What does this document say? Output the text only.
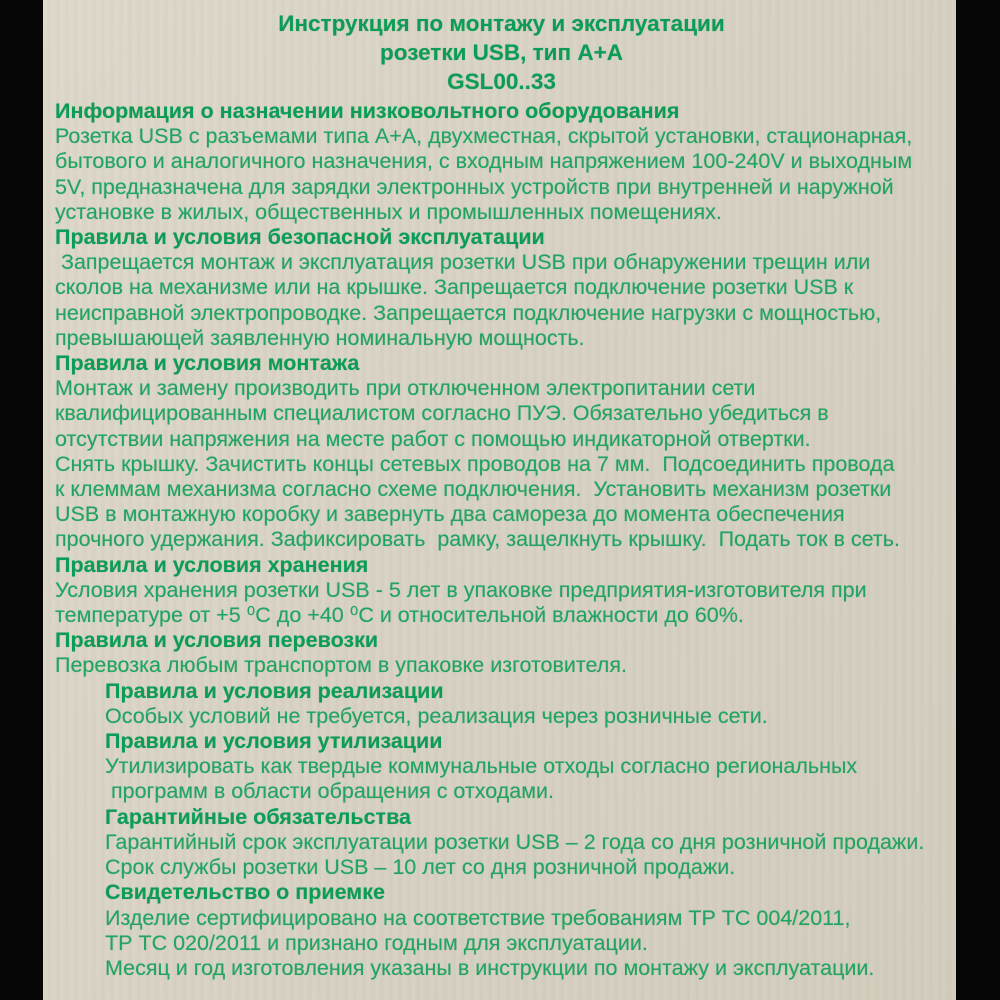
Инструкция по монтажу и эксплуатации
розетки USB, тип А+А
GSL00..33
Информация о назначении низковольтного оборудования
Розетка USB с разъемами типа А+А, двухместная, скрытой установки, стационарная,
бытового и аналогичного назначения, с входным напряжением 100-240V и выходным
5V, предназначена для зарядки электронных устройств при внутренней и наружной
установке в жилых, общественных и промышленных помещениях.
Правила и условия безопасной эксплуатации
Запрещается монтаж и эксплуатация розетки USB при обнаружении трещин или
сколов на механизме или на крышке. Запрещается подключение розетки USB к
неисправной электропроводке. Запрещается подключение нагрузки с мощностью,
превышающей заявленную номинальную мощность.
Правила и условия монтажа
Монтаж и замену производить при отключенном электропитании сети
квалифицированным специалистом согласно ПУЭ. Обязательно убедиться в
отсутствии напряжения на месте работ с помощью индикаторной отвертки.
Снять крышку. Зачистить концы сетевых проводов на 7 мм.  Подсоединить провода
к клеммам механизма согласно схеме подключения.  Установить механизм розетки
USB в монтажную коробку и завернуть два самореза до момента обеспечения
прочного удержания. Зафиксировать  рамку, защелкнуть крышку.  Подать ток в сеть.
Правила и условия хранения
Условия хранения розетки USB - 5 лет в упаковке предприятия-изготовителя при
температуре от +5 ⁰С до +40 ⁰С и относительной влажности до 60%.
Правила и условия перевозки
Перевозка любым транспортом в упаковке изготовителя.
Правила и условия реализации
Особых условий не требуется, реализация через розничные сети.
Правила и условия утилизации
Утилизировать как твердые коммунальные отходы согласно региональных
программ в области обращения с отходами.
Гарантийные обязательства
Гарантийный срок эксплуатации розетки USB – 2 года со дня розничной продажи.
Срок службы розетки USB – 10 лет со дня розничной продажи.
Свидетельство о приемке
Изделие сертифицировано на соответствие требованиям ТР ТС 004/2011,
ТР ТС 020/2011 и признано годным для эксплуатации.
Месяц и год изготовления указаны в инструкции по монтажу и эксплуатации.
